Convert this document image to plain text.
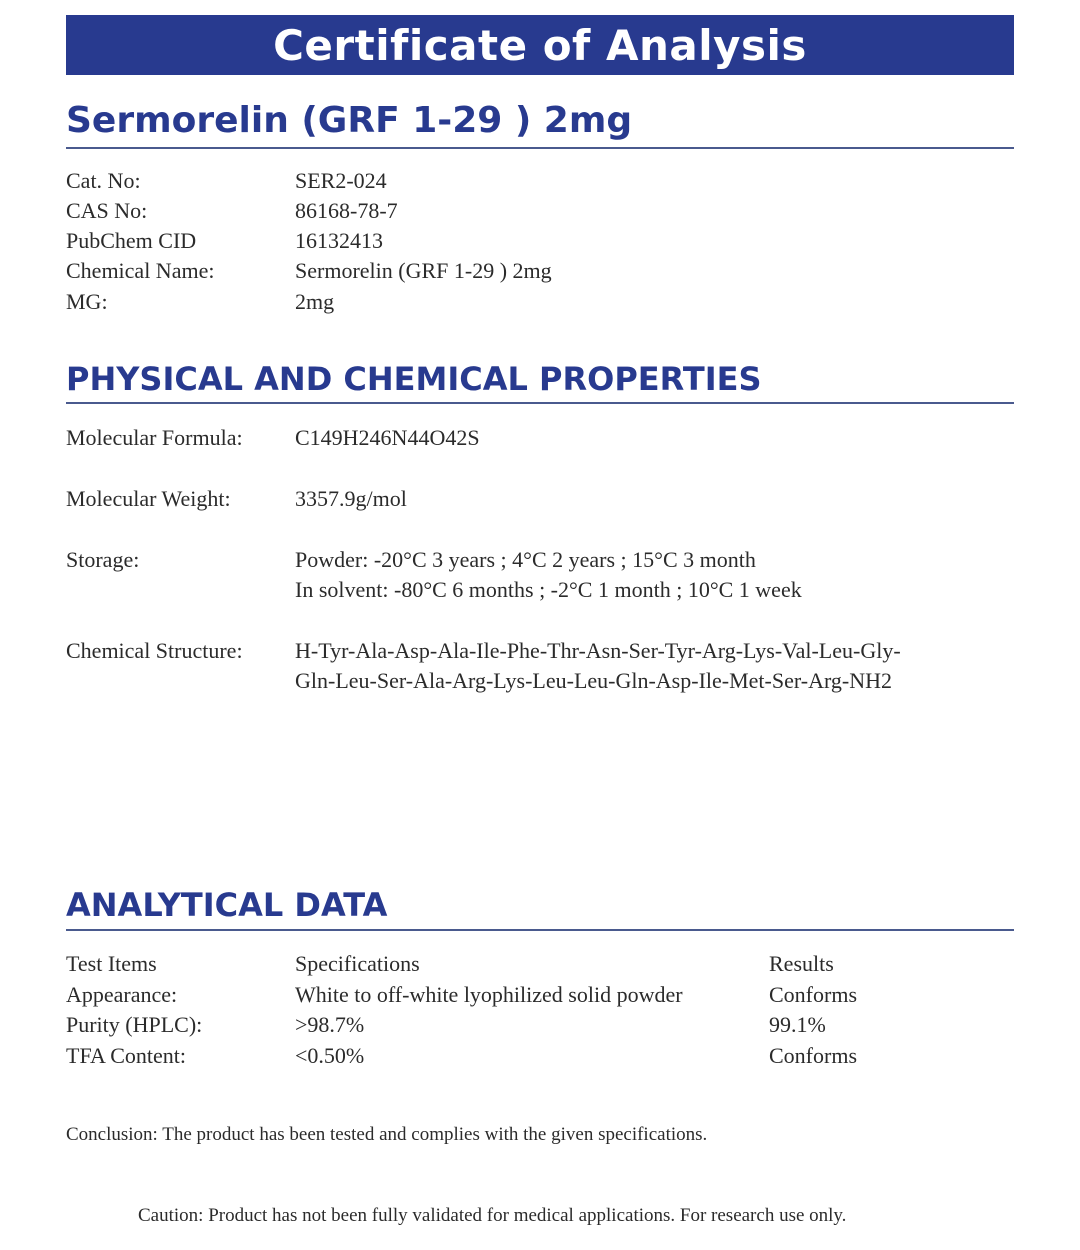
Certificate of Analysis
Sermorelin (GRF 1-29 ) 2mg
Cat. No:	SER2-024
CAS No:	86168-78-7
PubChem CID	16132413
Chemical Name:	Sermorelin (GRF 1-29 ) 2mg
MG:	2mg
PHYSICAL AND CHEMICAL PROPERTIES
Molecular Formula: C149H246N44O42S
Molecular Weight:	3357.9g/mol
Storage:	Powder: -20°C 3 years ; 4°C 2 years ; 15°C 3 month
In solvent: -80°C 6 months ; -2°C 1 month ; 10°C 1 week
Chemical Structure: H-Tyr-Ala-Asp-Ala-Ile-Phe-Thr-Asn-Ser-Tyr-Arg-Lys-Val-Leu-Gly-
Gln-Leu-Ser-Ala-Arg-Lys-Leu-Leu-Gln-Asp-Ile-Met-Ser-Arg-NH2
ANALYTICAL DATA
Test Items	Specifications	Results
Appearance:	White to off-white lyophilized solid powder	Conforms
Purity (HPLC):	>98.7%	99.1%
TFA Content:	<0.50%	Conforms
Conclusion: The product has been tested and complies with the given specifications.
Caution: Product has not been fully validated for medical applications. For research use only.
